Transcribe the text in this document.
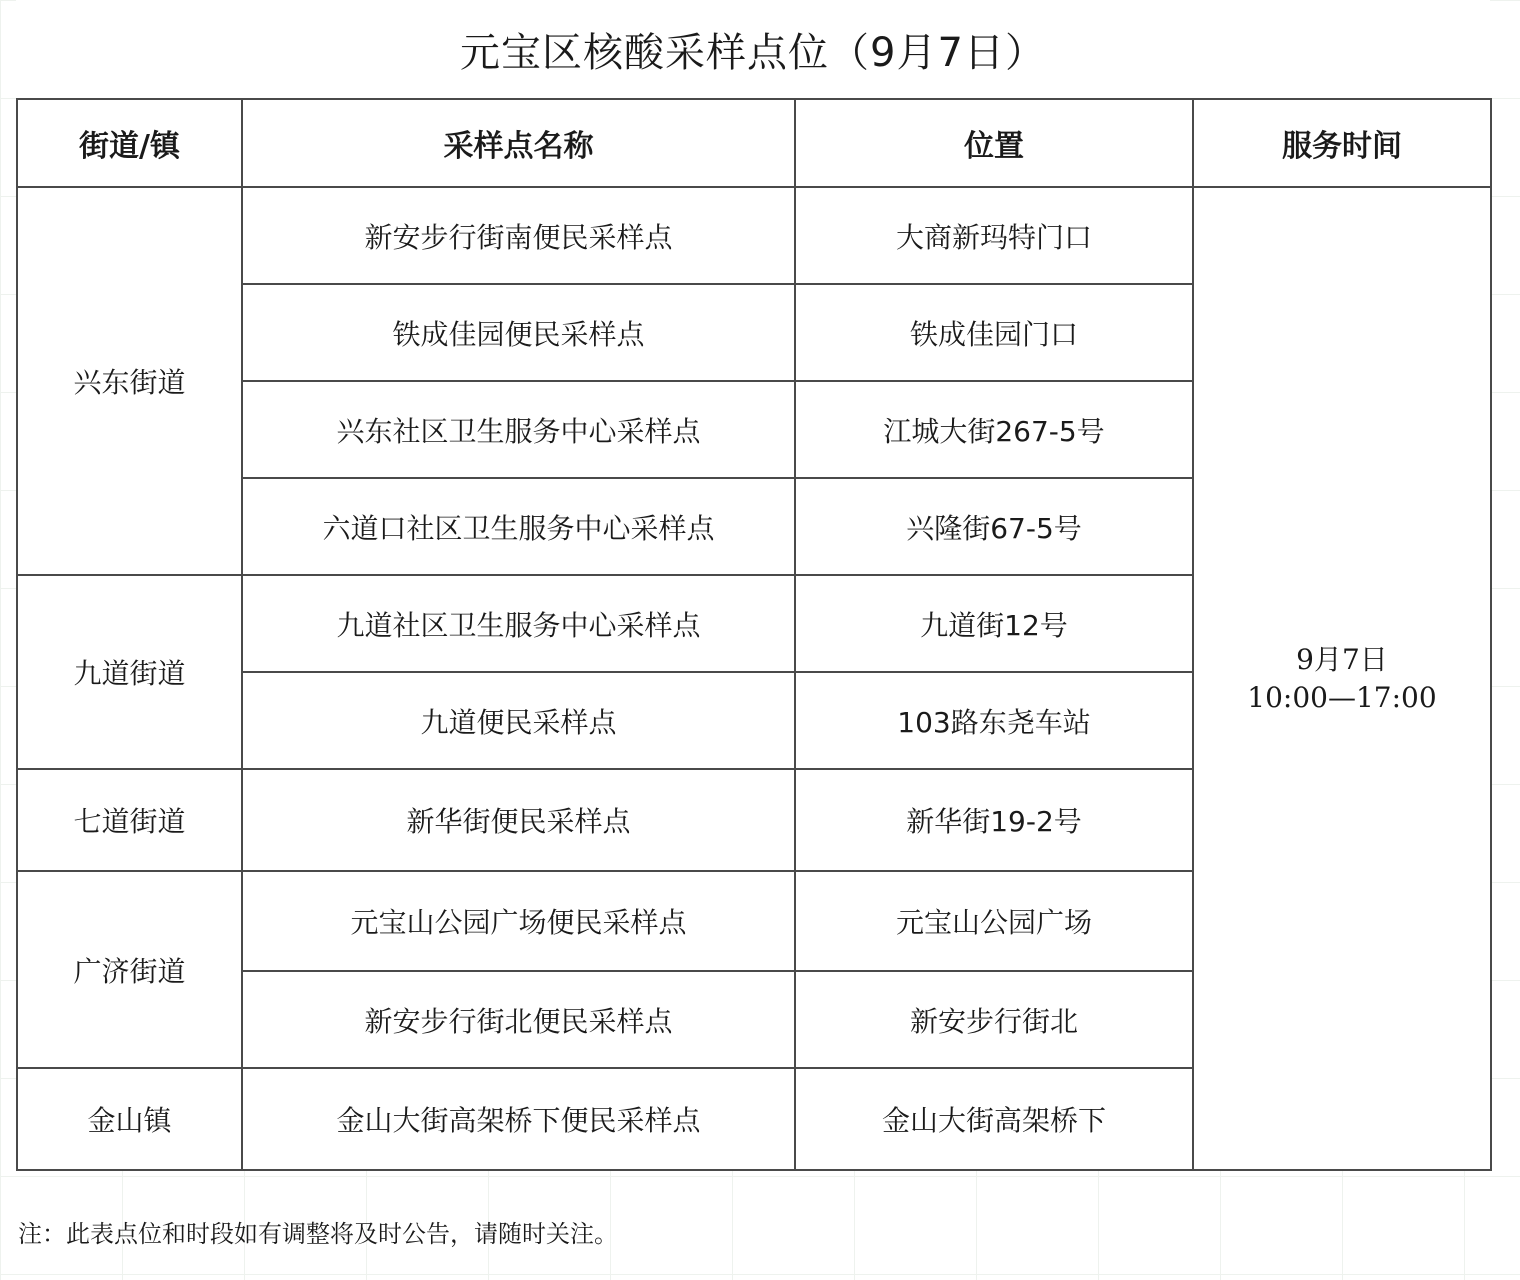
元宝区核酸采样点位（9月7日）
街道/镇	采样点名称	位置	服务时间
兴东街道	新安步行街南便民采样点	大商新玛特门口	9月7日
10:00—17:00

	铁成佳园便民采样点	铁成佳园门口	
	兴东社区卫生服务中心采样点	江城大街267-5号	
	六道口社区卫生服务中心采样点	兴隆街67-5号	
九道街道	九道社区卫生服务中心采样点	九道街12号	
	九道便民采样点	103路东尧车站	
七道街道	新华街便民采样点	新华街19-2号	
广济街道	元宝山公园广场便民采样点	元宝山公园广场	
	新安步行街北便民采样点	新安步行街北	
金山镇	金山大街高架桥下便民采样点	金山大街高架桥下	
注：此表点位和时段如有调整将及时公告，请随时关注。
